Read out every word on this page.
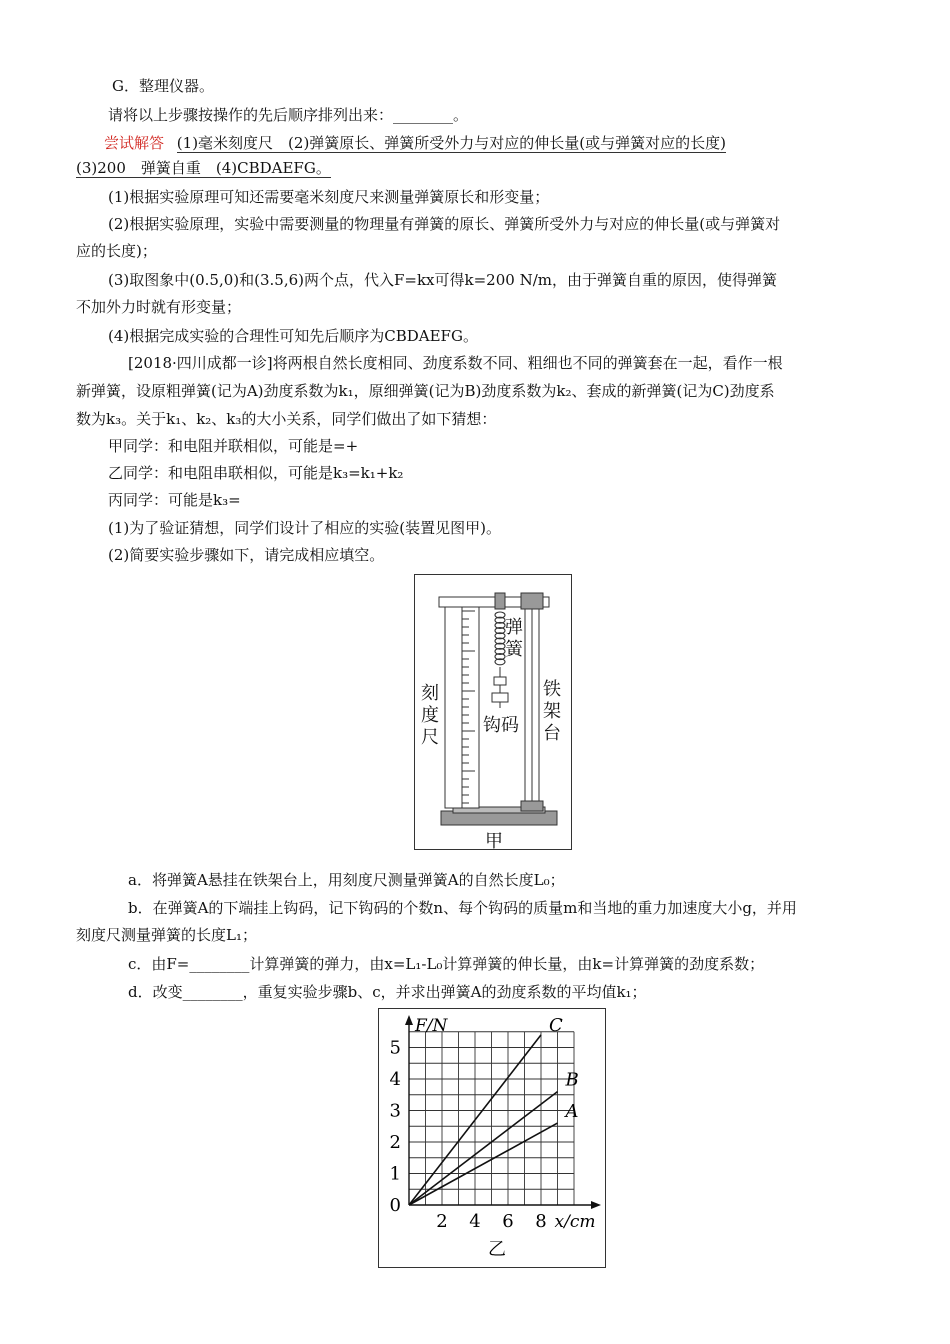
G．整理仪器。
请将以上步骤按操作的先后顺序排列出来：________。
尝试解答 (1)毫米刻度尺　(2)弹簧原长、弹簧所受外力与对应的伸长量(或与弹簧对应的长度)
(3)200　弹簧自重　(4)CBDAEFG。
(1)根据实验原理可知还需要毫米刻度尺来测量弹簧原长和形变量；
(2)根据实验原理，实验中需要测量的物理量有弹簧的原长、弹簧所受外力与对应的伸长量(或与弹簧对
应的长度)；
(3)取图象中(0.5,0)和(3.5,6)两个点，代入F=kx可得k=200 N/m，由于弹簧自重的原因，使得弹簧
不加外力时就有形变量；
(4)根据完成实验的合理性可知先后顺序为CBDAEFG。
[2018·四川成都一诊]将两根自然长度相同、劲度系数不同、粗细也不同的弹簧套在一起，看作一根
新弹簧，设原粗弹簧(记为A)劲度系数为k₁，原细弹簧(记为B)劲度系数为k₂、套成的新弹簧(记为C)劲度系
数为k₃。关于k₁、k₂、k₃的大小关系，同学们做出了如下猜想：
甲同学：和电阻并联相似，可能是=+
乙同学：和电阻串联相似，可能是k₃=k₁+k₂
丙同学：可能是k₃=
(1)为了验证猜想，同学们设计了相应的实验(装置见图甲)。
(2)简要实验步骤如下，请完成相应填空。
弹簧
刻度尺
钩码
铁架台
甲
a．将弹簧A悬挂在铁架台上，用刻度尺测量弹簧A的自然长度L₀；
b．在弹簧A的下端挂上钩码，记下钩码的个数n、每个钩码的质量m和当地的重力加速度大小g，并用
刻度尺测量弹簧的长度L₁；
c．由F=________计算弹簧的弹力，由x=L₁-L₀计算弹簧的伸长量，由k=计算弹簧的劲度系数；
d．改变________，重复实验步骤b、c，并求出弹簧A的劲度系数的平均值k₁；
2 4 6 8
0
1
2
3
4
5
x/cm
F/N	C
B
A
乙
